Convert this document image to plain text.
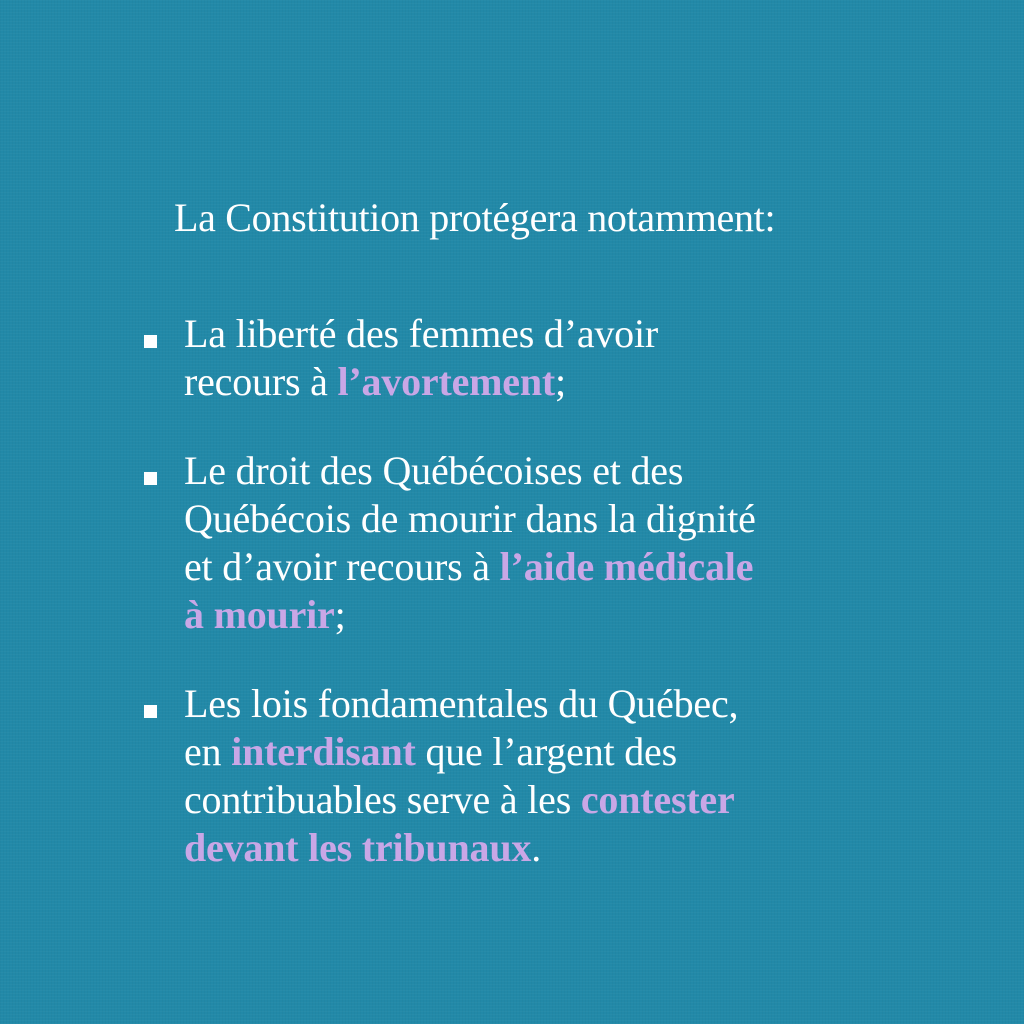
La Constitution protégera notamment:
La liberté des femmes d’avoir
recours à l’avortement;
Le droit des Québécoises et des
Québécois de mourir dans la dignité
et d’avoir recours à l’aide médicale
à mourir;
Les lois fondamentales du Québec,
en interdisant que l’argent des
contribuables serve à les contester
devant les tribunaux.
